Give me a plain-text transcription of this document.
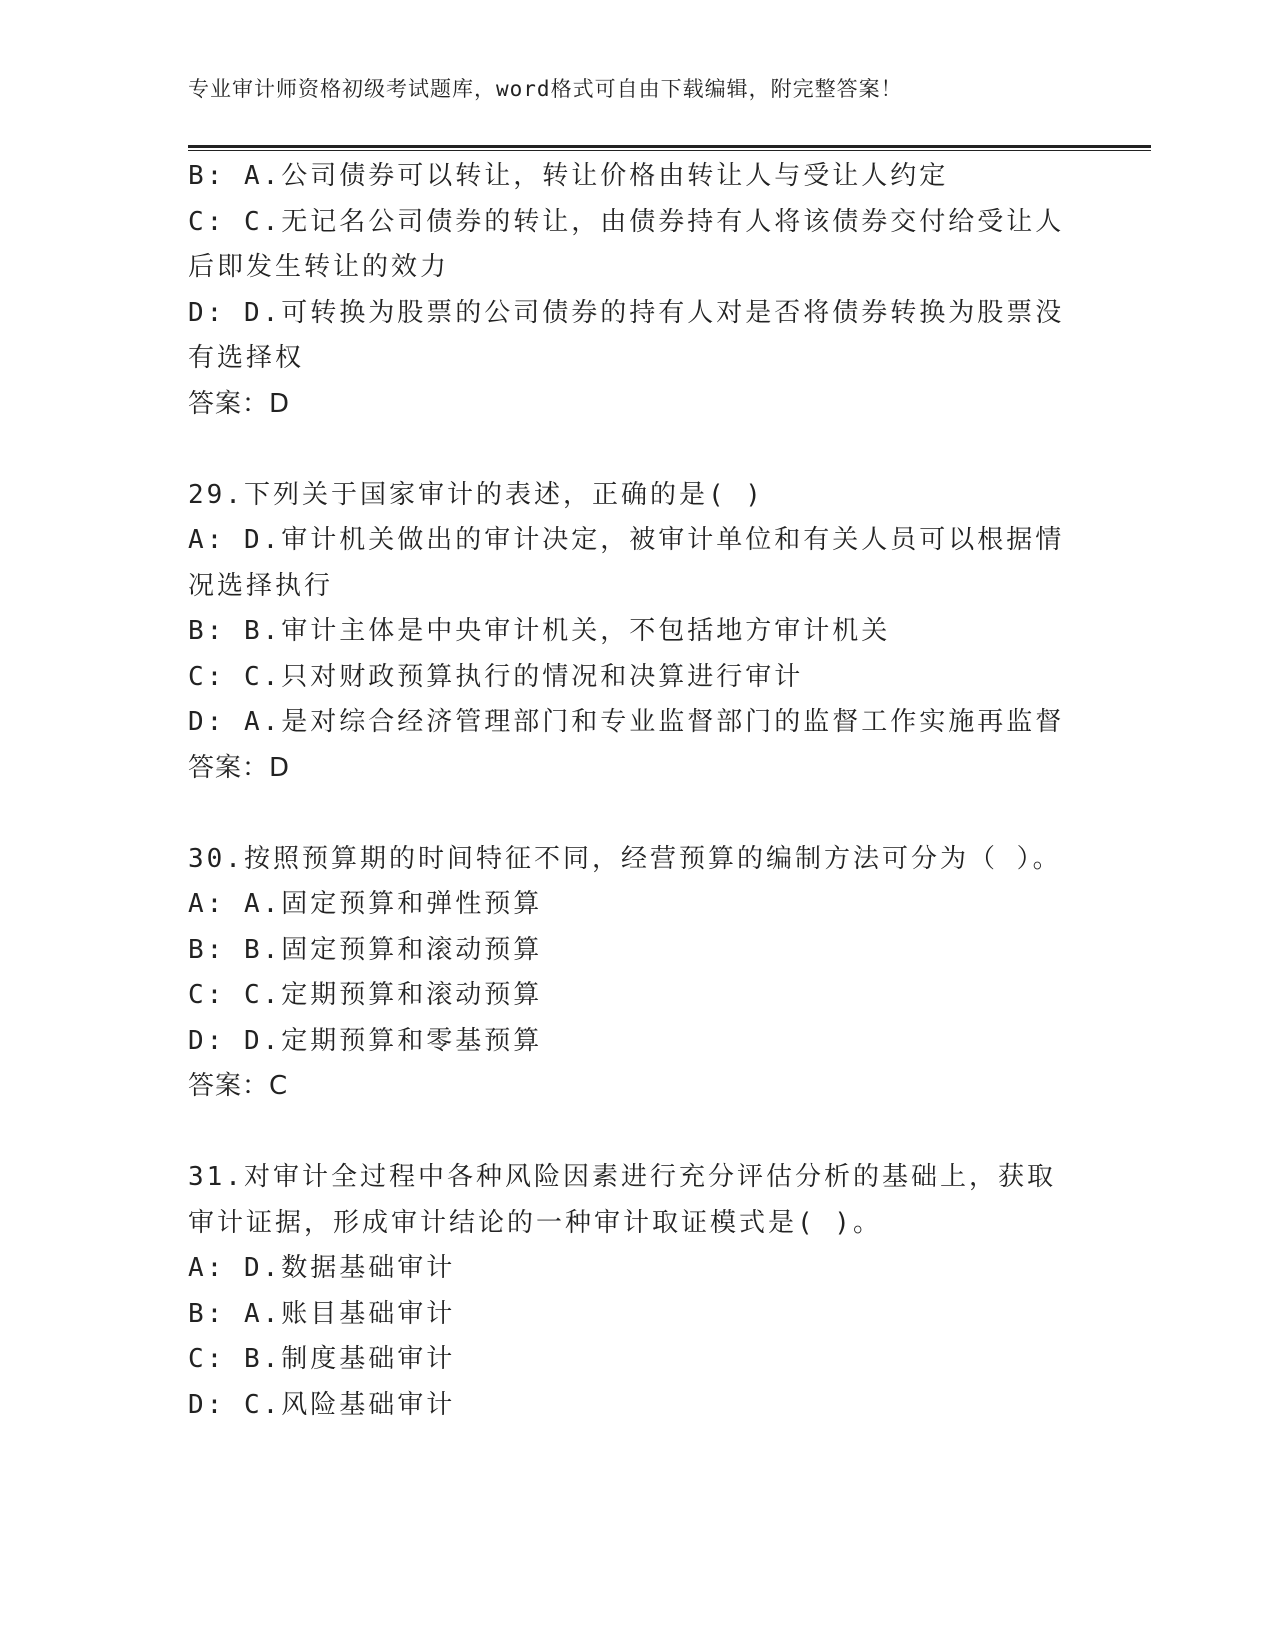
专业审计师资格初级考试题库，word格式可自由下载编辑，附完整答案！
B: A.公司债券可以转让，转让价格由转让人与受让人约定
C: C.无记名公司债券的转让，由债券持有人将该债券交付给受让人后即发生转让的效力
D: D.可转换为股票的公司债券的持有人对是否将债券转换为股票没有选择权
答案：D
29.下列关于国家审计的表述，正确的是( )
A: D.审计机关做出的审计决定，被审计单位和有关人员可以根据情况选择执行
B: B.审计主体是中央审计机关，不包括地方审计机关
C: C.只对财政预算执行的情况和决算进行审计
D: A.是对综合经济管理部门和专业监督部门的监督工作实施再监督
答案：D
30.按照预算期的时间特征不同，经营预算的编制方法可分为（ ）。
A: A.固定预算和弹性预算
B: B.固定预算和滚动预算
C: C.定期预算和滚动预算
D: D.定期预算和零基预算
答案：C
31.对审计全过程中各种风险因素进行充分评估分析的基础上，获取审计证据，形成审计结论的一种审计取证模式是( )。
A: D.数据基础审计
B: A.账目基础审计
C: B.制度基础审计
D: C.风险基础审计
